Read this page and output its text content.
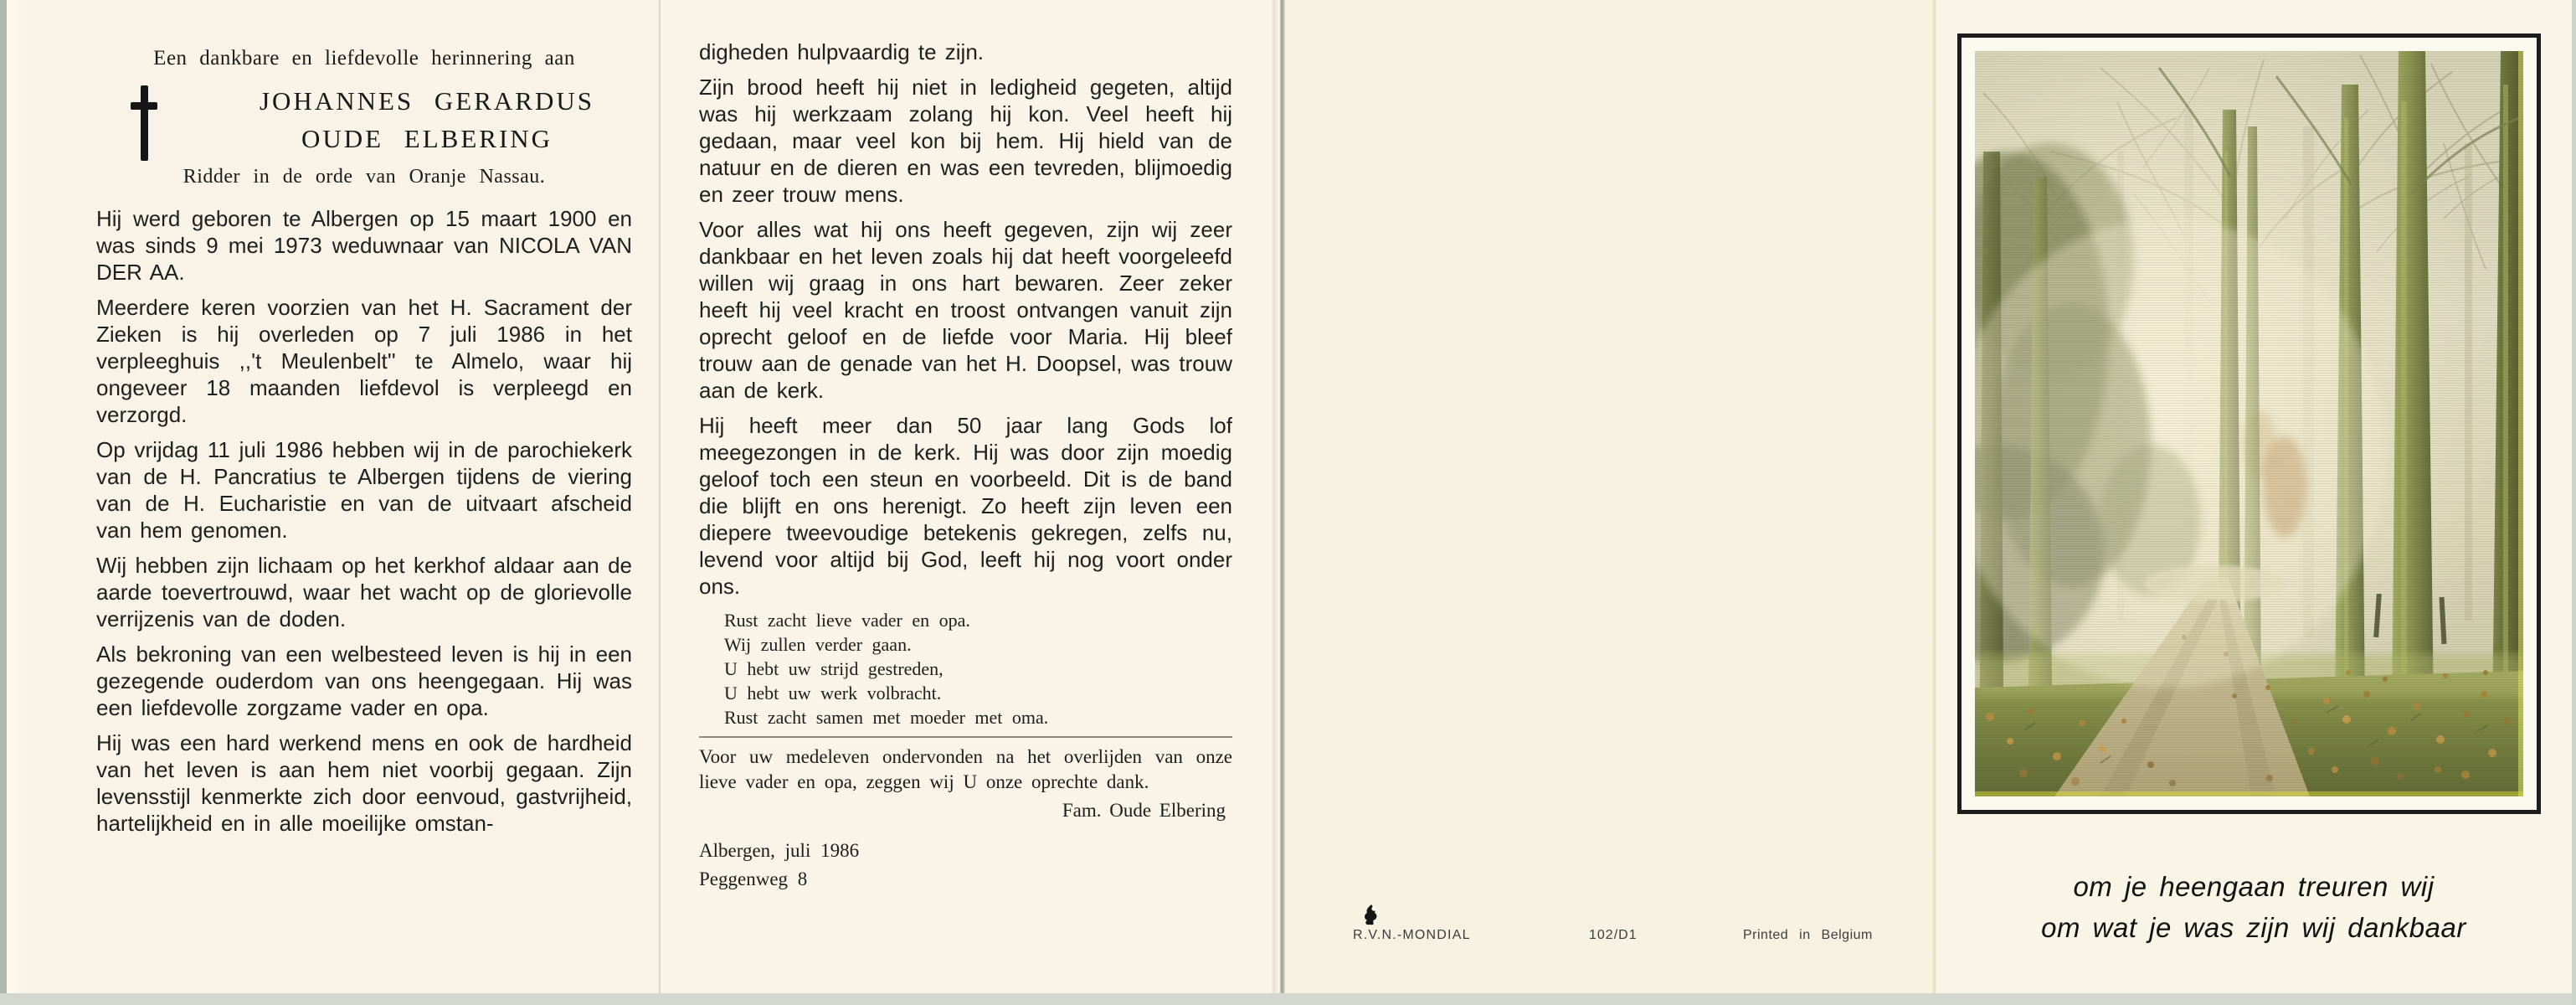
Een dankbare en liefdevolle herinnering aan
JOHANNES GERARDUS
OUDE ELBERING
Ridder in de orde van Oranje Nassau.

Hij werd geboren te Albergen op 15 maart 1900 en was sinds 9 mei 1973 weduwnaar van NICOLA VAN DER AA.

Meerdere keren voorzien van het H. Sacrament der Zieken is hij overleden op 7 juli 1986 in het verpleeghuis ,,'t Meulenbelt'' te Almelo, waar hij ongeveer 18 maanden liefdevol is verpleegd en verzorgd.

Op vrijdag 11 juli 1986 hebben wij in de parochiekerk van de H. Pancratius te Albergen tijdens de viering van de H. Eucharistie en van de uitvaart afscheid van hem genomen.

Wij hebben zijn lichaam op het kerkhof aldaar aan de aarde toevertrouwd, waar het wacht op de glorievolle verrijzenis van de doden.

Als bekroning van een welbesteed leven is hij in een gezegende ouderdom van ons heengegaan. Hij was een liefdevolle zorgzame vader en opa.

Hij was een hard werkend mens en ook de hardheid van het leven is aan hem niet voorbij gegaan. Zijn levensstijl kenmerkte zich door eenvoud, gastvrijheid, hartelijkheid en in alle moeilijke omstan-

digheden hulpvaardig te zijn.

Zijn brood heeft hij niet in ledigheid gegeten, altijd was hij werkzaam zolang hij kon. Veel heeft hij gedaan, maar veel kon bij hem. Hij hield van de natuur en de dieren en was een tevreden, blijmoedig en zeer trouw mens.

Voor alles wat hij ons heeft gegeven, zijn wij zeer dankbaar en het leven zoals hij dat heeft voorgeleefd willen wij graag in ons hart bewaren. Zeer zeker heeft hij veel kracht en troost ontvangen vanuit zijn oprecht geloof en de liefde voor Maria. Hij bleef trouw aan de genade van het H. Doopsel, was trouw aan de kerk.

Hij heeft meer dan 50 jaar lang Gods lof meegezongen in de kerk. Hij was door zijn moedig geloof toch een steun en voorbeeld. Dit is de band die blijft en ons herenigt. Zo heeft zijn leven een diepere tweevoudige betekenis gekregen, zelfs nu, levend voor altijd bij God, leeft hij nog voort onder ons.

Rust zacht lieve vader en opa.
Wij zullen verder gaan.
U hebt uw strijd gestreden,
U hebt uw werk volbracht.
Rust zacht samen met moeder met oma.
Voor uw medeleven ondervonden na het overlijden van onze lieve vader en opa, zeggen wij U onze oprechte dank.
Fam. Oude Elbering
Albergen, juli 1986
Peggenweg 8
R.V.N.-MONDIAL	102/D1	Printed in Belgium
om je heengaan treuren wij
om wat je was zijn wij dankbaar
